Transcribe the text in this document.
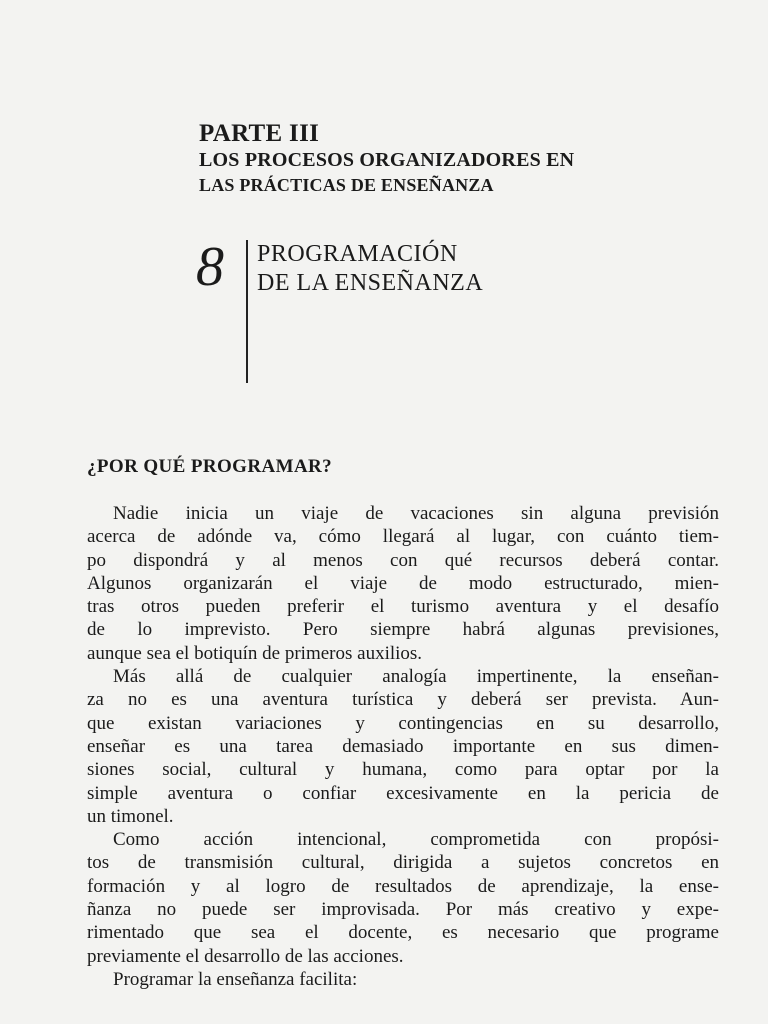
PARTE III
LOS PROCESOS ORGANIZADORES EN
LAS PRÁCTICAS DE ENSEÑANZA
8 PROGRAMACIÓN
DE LA ENSEÑANZA
¿POR QUÉ PROGRAMAR?
Nadie inicia un viaje de vacaciones sin alguna previsión
acerca de adónde va, cómo llegará al lugar, con cuánto tiem-
po dispondrá y al menos con qué recursos deberá contar.
Algunos organizarán el viaje de modo estructurado, mien-
tras otros pueden preferir el turismo aventura y el desafío
de lo imprevisto. Pero siempre habrá algunas previsiones,
aunque sea el botiquín de primeros auxilios.
Más allá de cualquier analogía impertinente, la enseñan-
za no es una aventura turística y deberá ser prevista. Aun-
que existan variaciones y contingencias en su desarrollo,
enseñar es una tarea demasiado importante en sus dimen-
siones social, cultural y humana, como para optar por la
simple aventura o confiar excesivamente en la pericia de
un timonel.
Como acción intencional, comprometida con propósi-
tos de transmisión cultural, dirigida a sujetos concretos en
formación y al logro de resultados de aprendizaje, la ense-
ñanza no puede ser improvisada. Por más creativo y expe-
rimentado que sea el docente, es necesario que programe
previamente el desarrollo de las acciones.
Programar la enseñanza facilita:
